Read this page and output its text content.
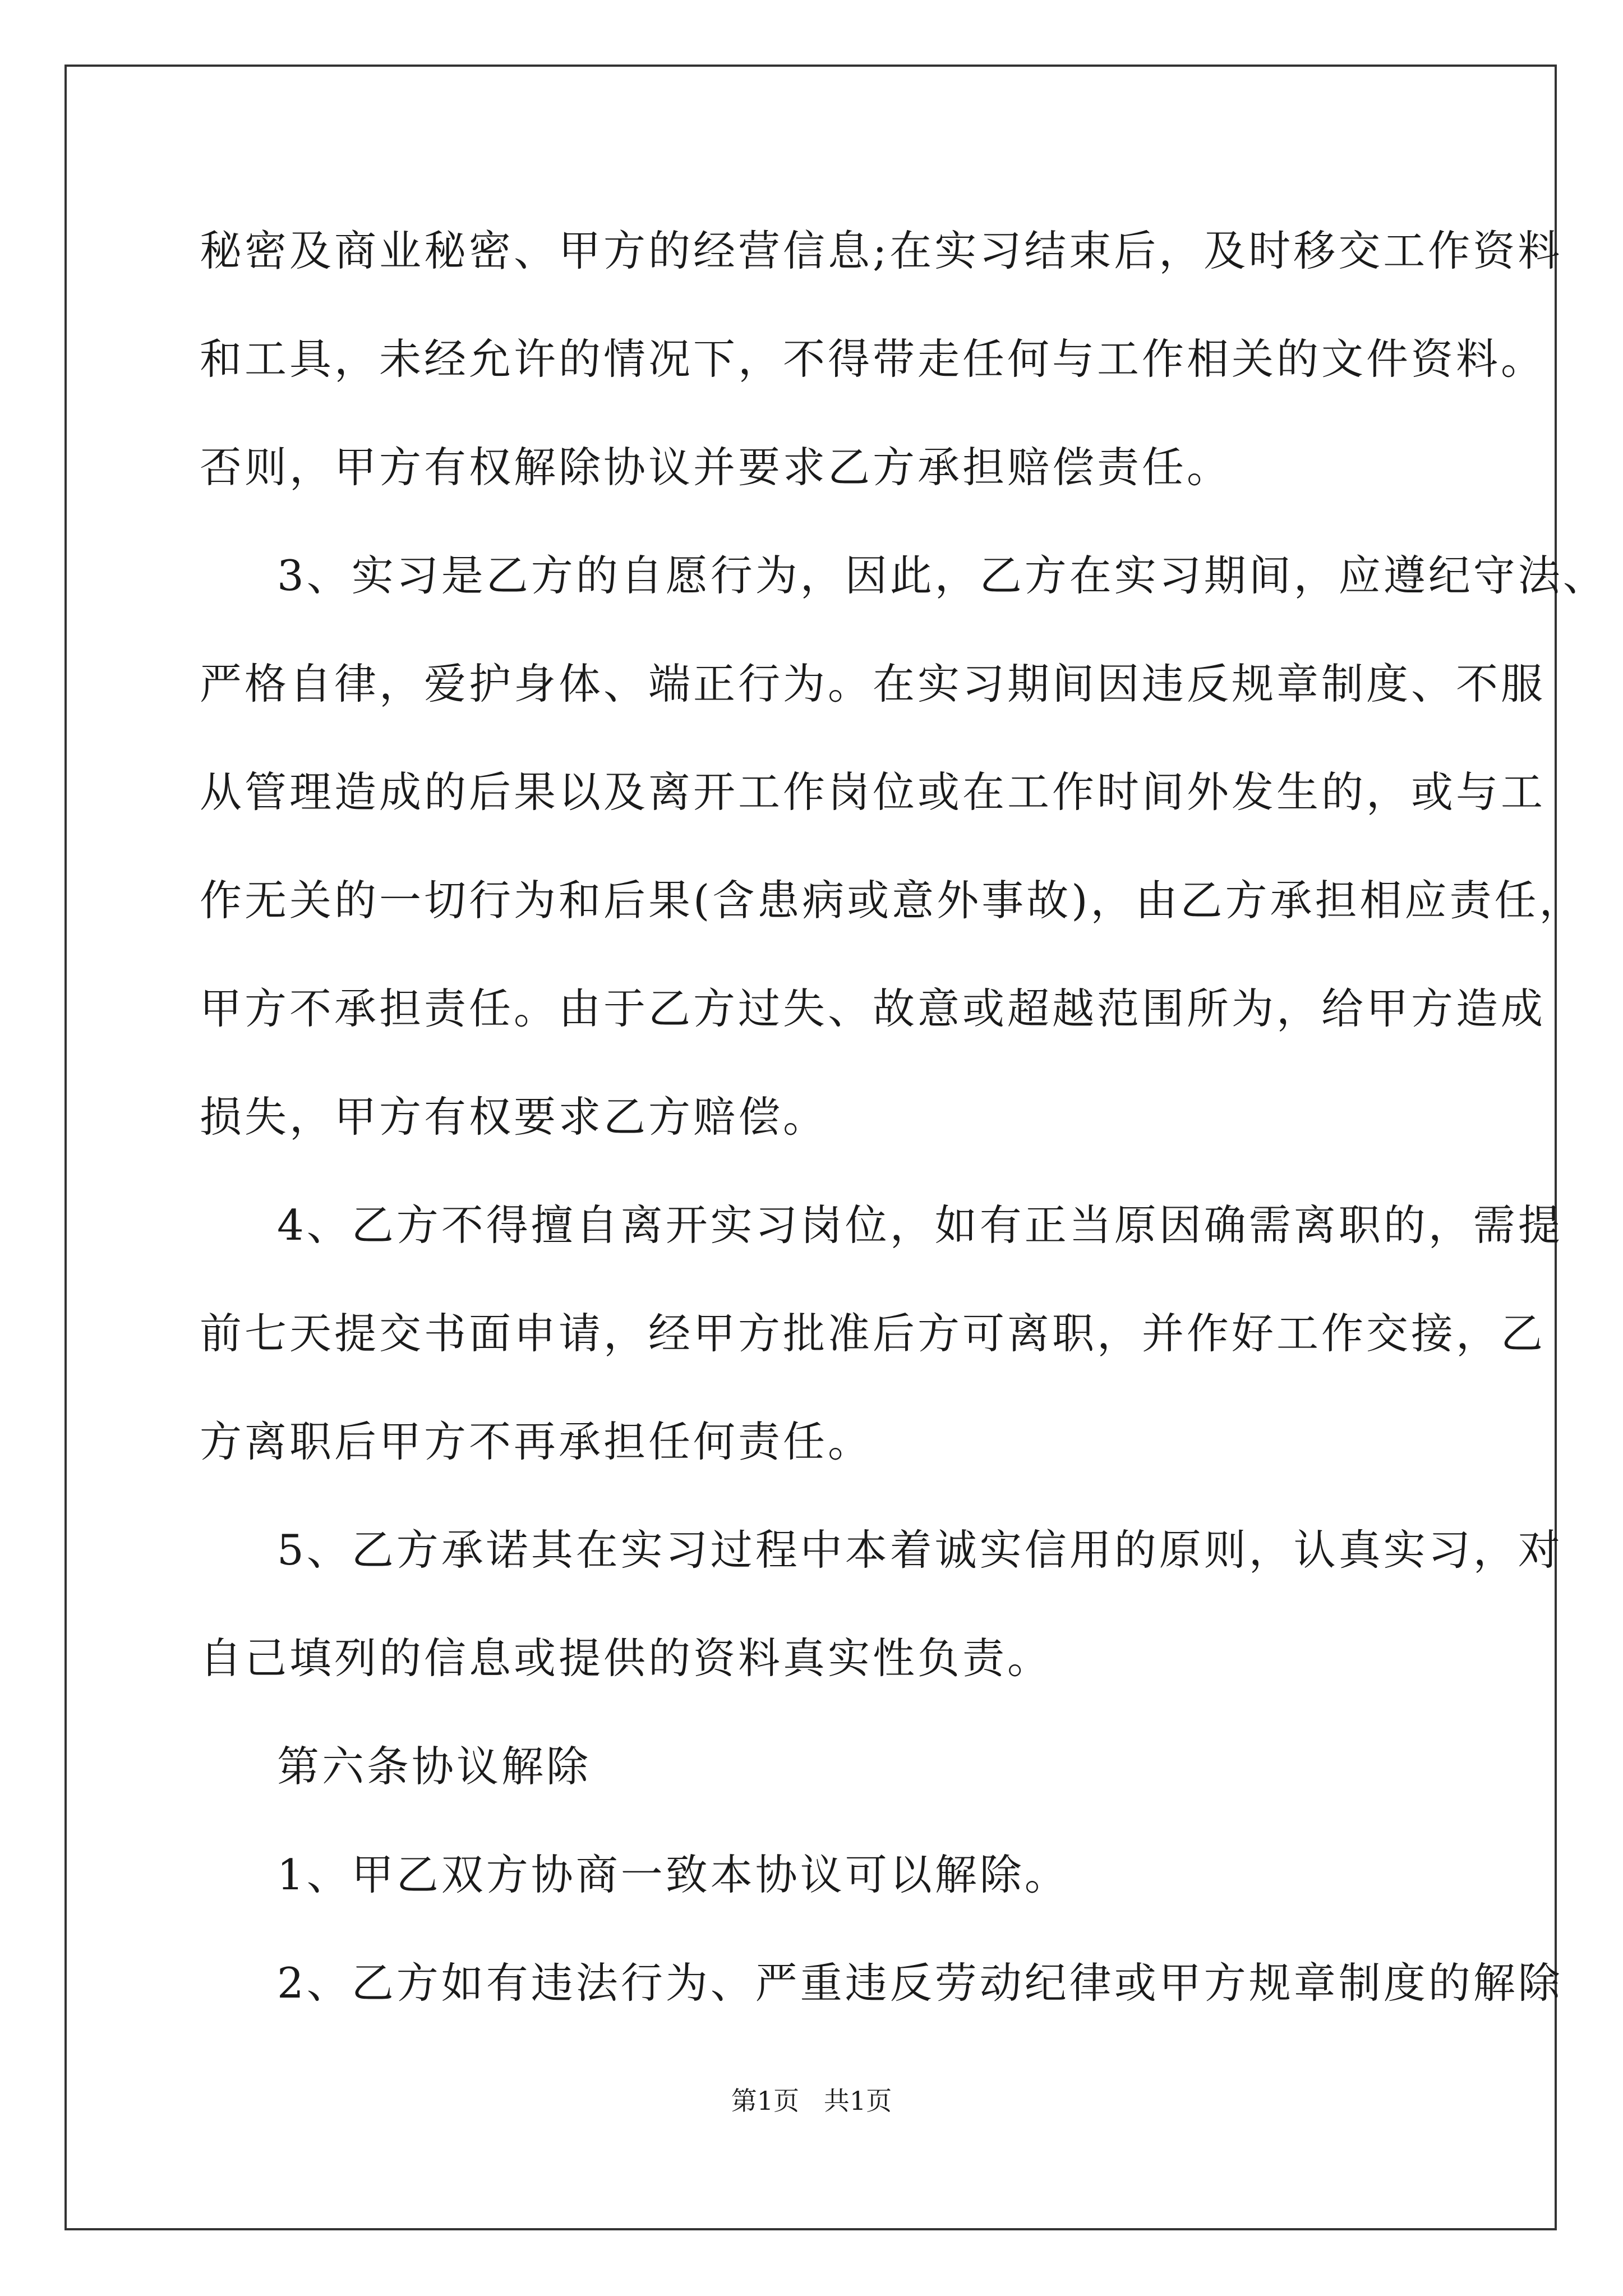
秘密及商业秘密、甲方的经营信息;在实习结束后，及时移交工作资料
和工具，未经允许的情况下，不得带走任何与工作相关的文件资料。
否则，甲方有权解除协议并要求乙方承担赔偿责任。
3、实习是乙方的自愿行为，因此，乙方在实习期间，应遵纪守法、
严格自律，爱护身体、端正行为。在实习期间因违反规章制度、不服
从管理造成的后果以及离开工作岗位或在工作时间外发生的，或与工
作无关的一切行为和后果(含患病或意外事故)，由乙方承担相应责任，
甲方不承担责任。由于乙方过失、故意或超越范围所为，给甲方造成
损失，甲方有权要求乙方赔偿。
4、乙方不得擅自离开实习岗位，如有正当原因确需离职的，需提
前七天提交书面申请，经甲方批准后方可离职，并作好工作交接，乙
方离职后甲方不再承担任何责任。
5、乙方承诺其在实习过程中本着诚实信用的原则，认真实习，对
自己填列的信息或提供的资料真实性负责。
第六条协议解除
1、甲乙双方协商一致本协议可以解除。
2、乙方如有违法行为、严重违反劳动纪律或甲方规章制度的解除
第1页   共1页
